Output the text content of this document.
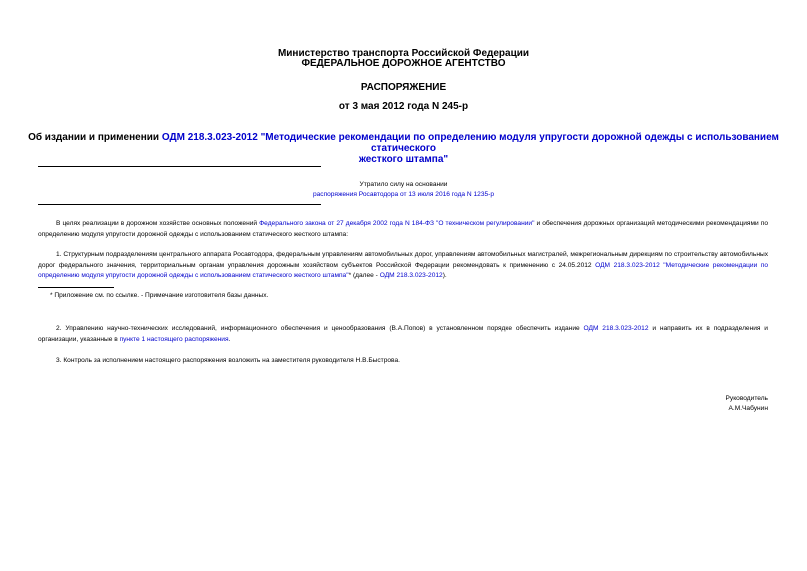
Министерство транспорта Российской Федерации
ФЕДЕРАЛЬНОЕ ДОРОЖНОЕ АГЕНТСТВО
РАСПОРЯЖЕНИЕ
от 3 мая 2012 года N 245-р
Об издании и применении ОДМ 218.3.023-2012 "Методические рекомендации по определению модуля упругости дорожной одежды с использованием статического
жесткого штампа"
Утратило силу на основании
распоряжения Росавтодора от 13 июля 2016 года N 1235-р
В целях реализации в дорожном хозяйстве основных положений Федерального закона от 27 декабря 2002 года N 184-ФЗ "О техническом регулировании" и обеспечения дорожных организаций методическими рекомендациями по определению модуля упругости дорожной одежды с использованием статического жесткого штампа:
1. Структурным подразделениям центрального аппарата Росавтодора, федеральным управлениям автомобильных дорог, управлениям автомобильных магистралей, межрегиональным дирекциям по строительству автомобильных дорог федерального значения, территориальным органам управления дорожным хозяйством субъектов Российской Федерации рекомендовать к применению с 24.05.2012 ОДМ 218.3.023-2012 "Методические рекомендации по определению модуля упругости дорожной одежды с использованием статического жесткого штампа"* (далее - ОДМ 218.3.023-2012).
* Приложение см. по ссылке. - Примечание изготовителя базы данных.
2. Управлению научно-технических исследований, информационного обеспечения и ценообразования (В.А.Попов) в установленном порядке обеспечить издание ОДМ 218.3.023-2012 и направить их в подразделения и организации, указанные в пункте 1 настоящего распоряжения.
3. Контроль за исполнением настоящего распоряжения возложить на заместителя руководителя Н.В.Быстрова.
Руководитель
А.М.Чабунин
